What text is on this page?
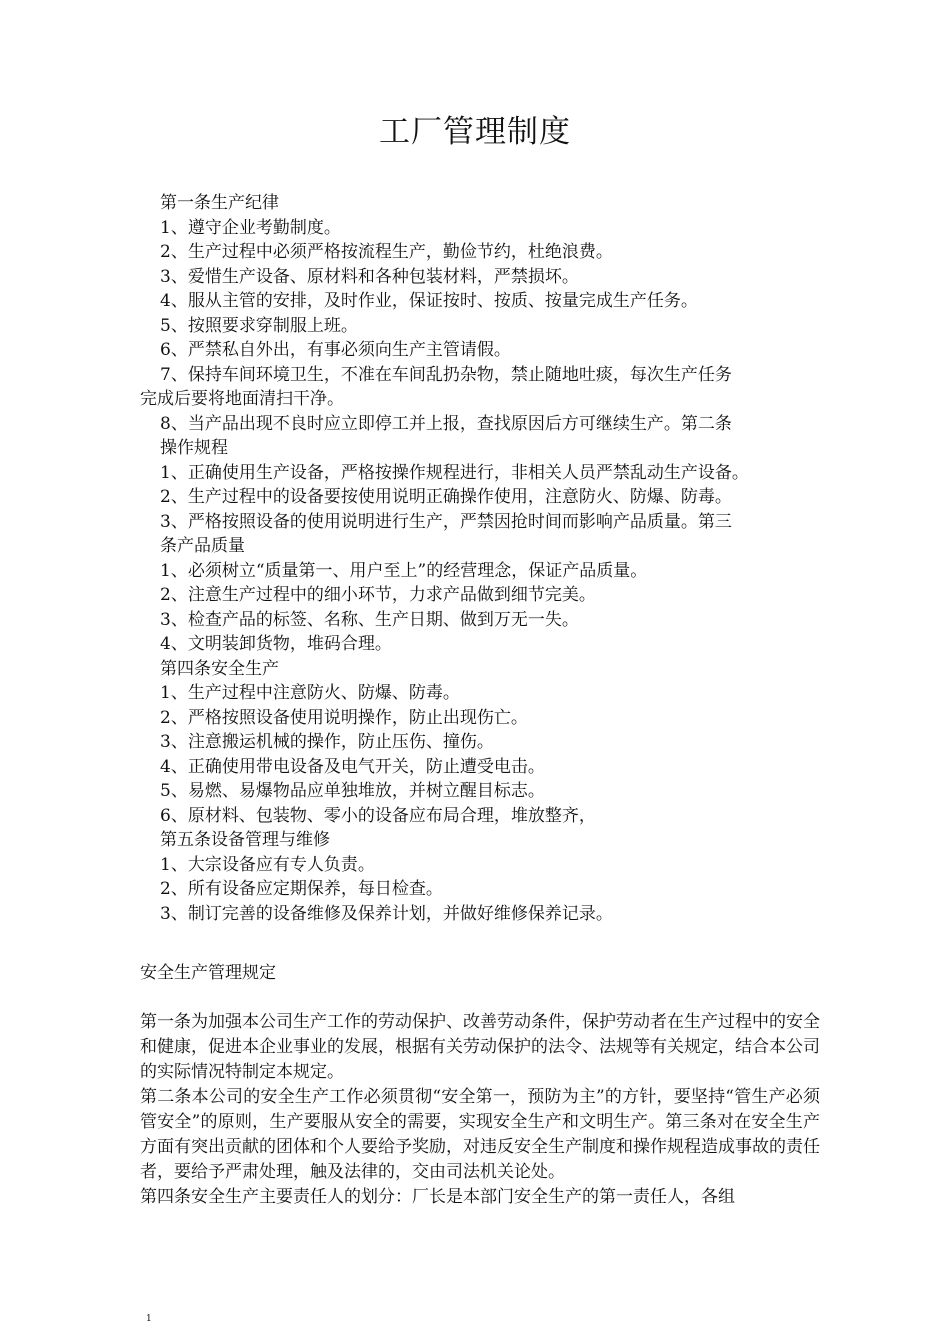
工厂管理制度
第一条生产纪律
1、遵守企业考勤制度。
2、生产过程中必须严格按流程生产，勤俭节约，杜绝浪费。
3、爱惜生产设备、原材料和各种包装材料，严禁损坏。
4、服从主管的安排，及时作业，保证按时、按质、按量完成生产任务。
5、按照要求穿制服上班。
6、严禁私自外出，有事必须向生产主管请假。
7、保持车间环境卫生，不准在车间乱扔杂物，禁止随地吐痰，每次生产任务
完成后要将地面清扫干净。
8、当产品出现不良时应立即停工并上报，查找原因后方可继续生产。第二条
操作规程
1、正确使用生产设备，严格按操作规程进行，非相关人员严禁乱动生产设备。
2、生产过程中的设备要按使用说明正确操作使用，注意防火、防爆、防毒。
3、严格按照设备的使用说明进行生产，严禁因抢时间而影响产品质量。第三
条产品质量
1、必须树立“质量第一、用户至上”的经营理念，保证产品质量。
2、注意生产过程中的细小环节，力求产品做到细节完美。
3、检查产品的标签、名称、生产日期、做到万无一失。
4、文明装卸货物，堆码合理。
第四条安全生产
1、生产过程中注意防火、防爆、防毒。
2、严格按照设备使用说明操作，防止出现伤亡。
3、注意搬运机械的操作，防止压伤、撞伤。
4、正确使用带电设备及电气开关，防止遭受电击。
5、易燃、易爆物品应单独堆放，并树立醒目标志。
6、原材料、包装物、零小的设备应布局合理，堆放整齐，
第五条设备管理与维修
1、大宗设备应有专人负责。
2、所有设备应定期保养，每日检查。
3、制订完善的设备维修及保养计划，并做好维修保养记录。
安全生产管理规定
第一条为加强本公司生产工作的劳动保护、改善劳动条件，保护劳动者在生产过程中的安全和健康，促进本企业事业的发展，根据有关劳动保护的法令、法规等有关规定，结合本公司的实际情况特制定本规定。
第二条本公司的安全生产工作必须贯彻“安全第一，预防为主”的方针，要坚持“管生产必须管安全”的原则，生产要服从安全的需要，实现安全生产和文明生产。第三条对在安全生产方面有突出贡献的团体和个人要给予奖励，对违反安全生产制度和操作规程造成事故的责任者，要给予严肃处理，触及法律的，交由司法机关论处。
第四条安全生产主要责任人的划分：厂长是本部门安全生产的第一责任人，各组
1
